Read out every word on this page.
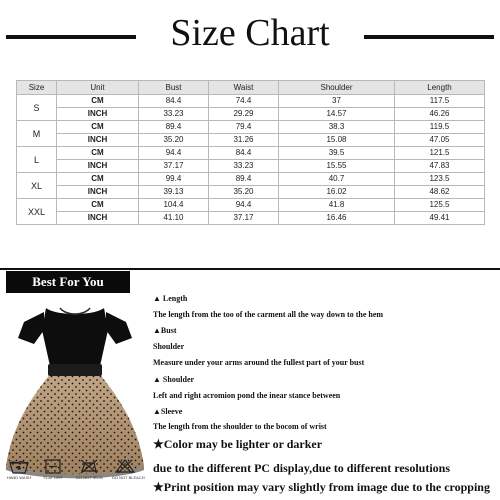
Size Chart
Size	Unit	Bust	Waist	Shoulder	Length
S	CM	84.4	74.4	37	117.5
	INCH	33.23	29.29	14.57	46.26
M	CM	89.4	79.4	38.3	119.5
	INCH	35.20	31.26	15.08	47.05
L	CM	94.4	84.4	39.5	121.5
	INCH	37.17	33.23	15.55	47.83
XL	CM	99.4	89.4	40.7	123.5
	INCH	39.13	35.20	16.02	48.62
XXL	CM	104.4	94.4	41.8	125.5
	INCH	41.10	37.17	16.46	49.41
Best For You
HAND WASH	FLAT DRY	DO NOT IRON DO NOT BLEACH
▲ Length
The length from the too of the carment all the way down to the hem
▲Bust
Shoulder
Measure under your arms around the fullest part of your bust
▲ Shoulder
Left and right acromion pond the inear stance between
▲Sleeve
The length from the shoulder to the bocom of wrist
★Color may be lighter or darker
due to the different PC display,due to different resolutions
★Print position may vary slightly from image due to the cropping
